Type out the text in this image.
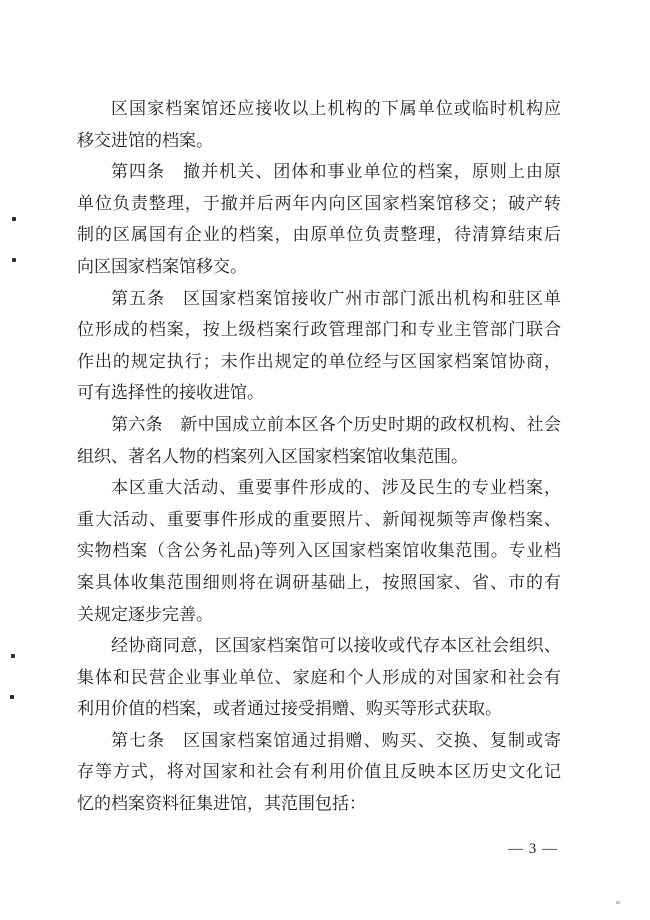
区国家档案馆还应接收以上机构的下属单位或临时机构应
移交进馆的档案。
第四条　撤并机关、团体和事业单位的档案，原则上由原
单位负责整理，于撤并后两年内向区国家档案馆移交；破产转
制的区属国有企业的档案，由原单位负责整理，待清算结束后
向区国家档案馆移交。
第五条　区国家档案馆接收广州市部门派出机构和驻区单
位形成的档案，按上级档案行政管理部门和专业主管部门联合
作出的规定执行；未作出规定的单位经与区国家档案馆协商，
可有选择性的接收进馆。
第六条　新中国成立前本区各个历史时期的政权机构、社会
组织、著名人物的档案列入区国家档案馆收集范围。
本区重大活动、重要事件形成的、涉及民生的专业档案，
重大活动、重要事件形成的重要照片、新闻视频等声像档案、
实物档案（含公务礼品)等列入区国家档案馆收集范围。专业档
案具体收集范围细则将在调研基础上，按照国家、省、市的有
关规定逐步完善。
经协商同意，区国家档案馆可以接收或代存本区社会组织、
集体和民营企业事业单位、家庭和个人形成的对国家和社会有
利用价值的档案，或者通过接受捐赠、购买等形式获取。
第七条　区国家档案馆通过捐赠、购买、交换、复制或寄
存等方式，将对国家和社会有利用价值且反映本区历史文化记
忆的档案资料征集进馆，其范围包括：
— 3 —
